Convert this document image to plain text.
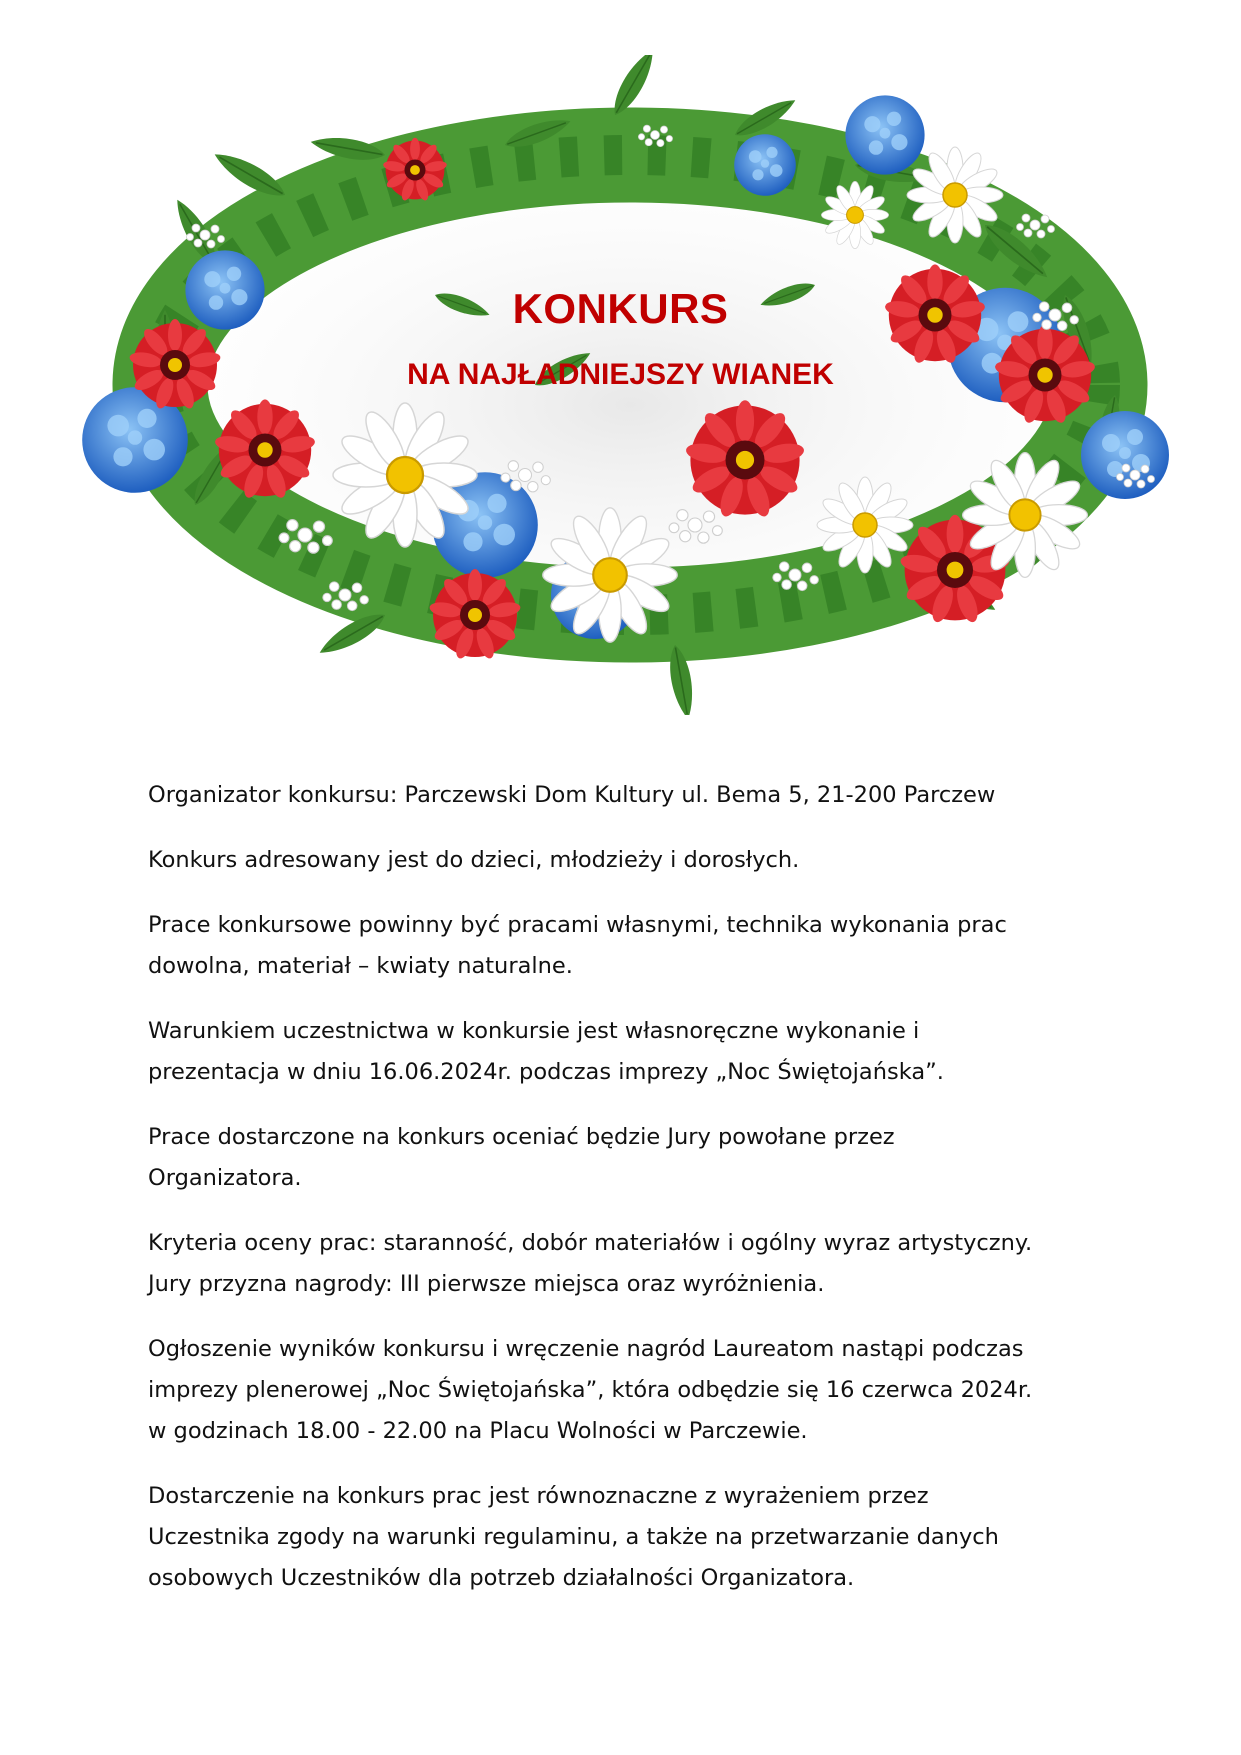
KONKURS
NA NAJŁADNIEJSZY WIANEK

Organizator konkursu: Parczewski Dom Kultury ul. Bema 5, 21-200 Parczew

Konkurs adresowany jest do dzieci, młodzieży i dorosłych.

Prace konkursowe powinny być pracami własnymi, technika wykonania prac
dowolna, materiał – kwiaty naturalne.

Warunkiem uczestnictwa w konkursie jest własnoręczne wykonanie i
prezentacja w dniu 16.06.2024r. podczas imprezy „Noc Świętojańska”.

Prace dostarczone na konkurs oceniać będzie Jury powołane przez
Organizatora.

Kryteria oceny prac: staranność, dobór materiałów i ogólny wyraz artystyczny.
Jury przyzna nagrody: III pierwsze miejsca oraz wyróżnienia.

Ogłoszenie wyników konkursu i wręczenie nagród Laureatom nastąpi podczas
imprezy plenerowej „Noc Świętojańska”, która odbędzie się 16 czerwca 2024r.
w godzinach 18.00 - 22.00 na Placu Wolności w Parczewie.

Dostarczenie na konkurs prac jest równoznaczne z wyrażeniem przez
Uczestnika zgody na warunki regulaminu, a także na przetwarzanie danych
osobowych Uczestników dla potrzeb działalności Organizatora.
